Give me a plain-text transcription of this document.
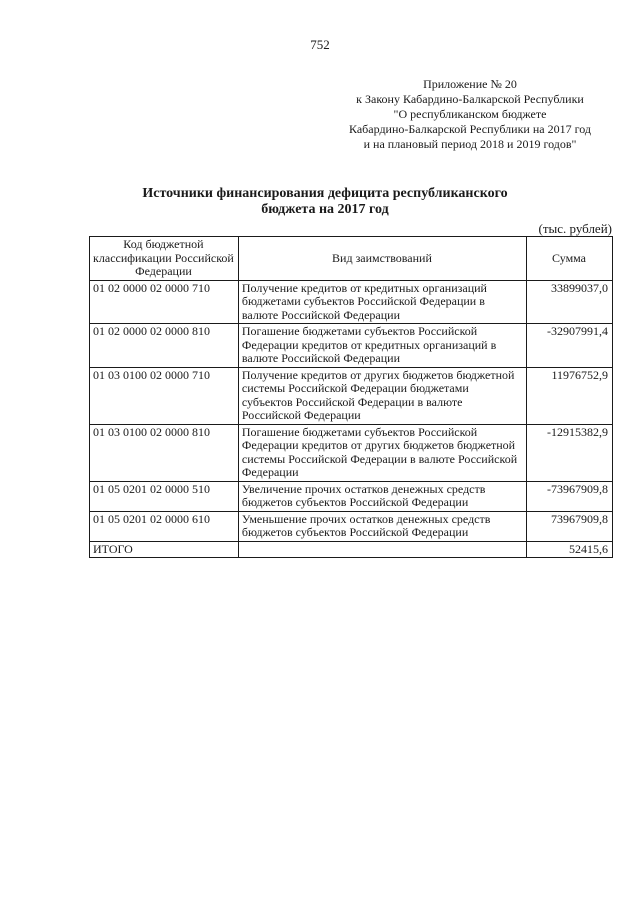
752
Приложение № 20
к Закону Кабардино-Балкарской Республики
"О республиканском бюджете
Кабардино-Балкарской Республики на 2017 год
и на плановый период 2018 и 2019 годов"
Источники финансирования дефицита республиканского
бюджета на 2017 год
(тыс. рублей)
Код бюджетной классификации Российской Федерации	Вид заимствований	Сумма
01 02 0000 02 0000 710	Получение кредитов от кредитных организаций бюджетами субъектов Российской Федерации в валюте Российской Федерации	33899037,0
01 02 0000 02 0000 810	Погашение бюджетами субъектов Российской Федерации кредитов от кредитных организаций в валюте Российской Федерации	-32907991,4
01 03 0100 02 0000 710	Получение кредитов от других бюджетов бюджетной системы Российской Федерации бюджетами субъектов Российской Федерации в валюте Российской Федерации	11976752,9
01 03 0100 02 0000 810	Погашение бюджетами субъектов Российской Федерации кредитов от других бюджетов бюджетной системы Российской Федерации в валюте Российской Федерации	-12915382,9
01 05 0201 02 0000 510	Увеличение прочих остатков денежных средств бюджетов субъектов Российской Федерации	-73967909,8
01 05 0201 02 0000 610	Уменьшение прочих остатков денежных средств бюджетов субъектов Российской Федерации	73967909,8
ИТОГО		52415,6
